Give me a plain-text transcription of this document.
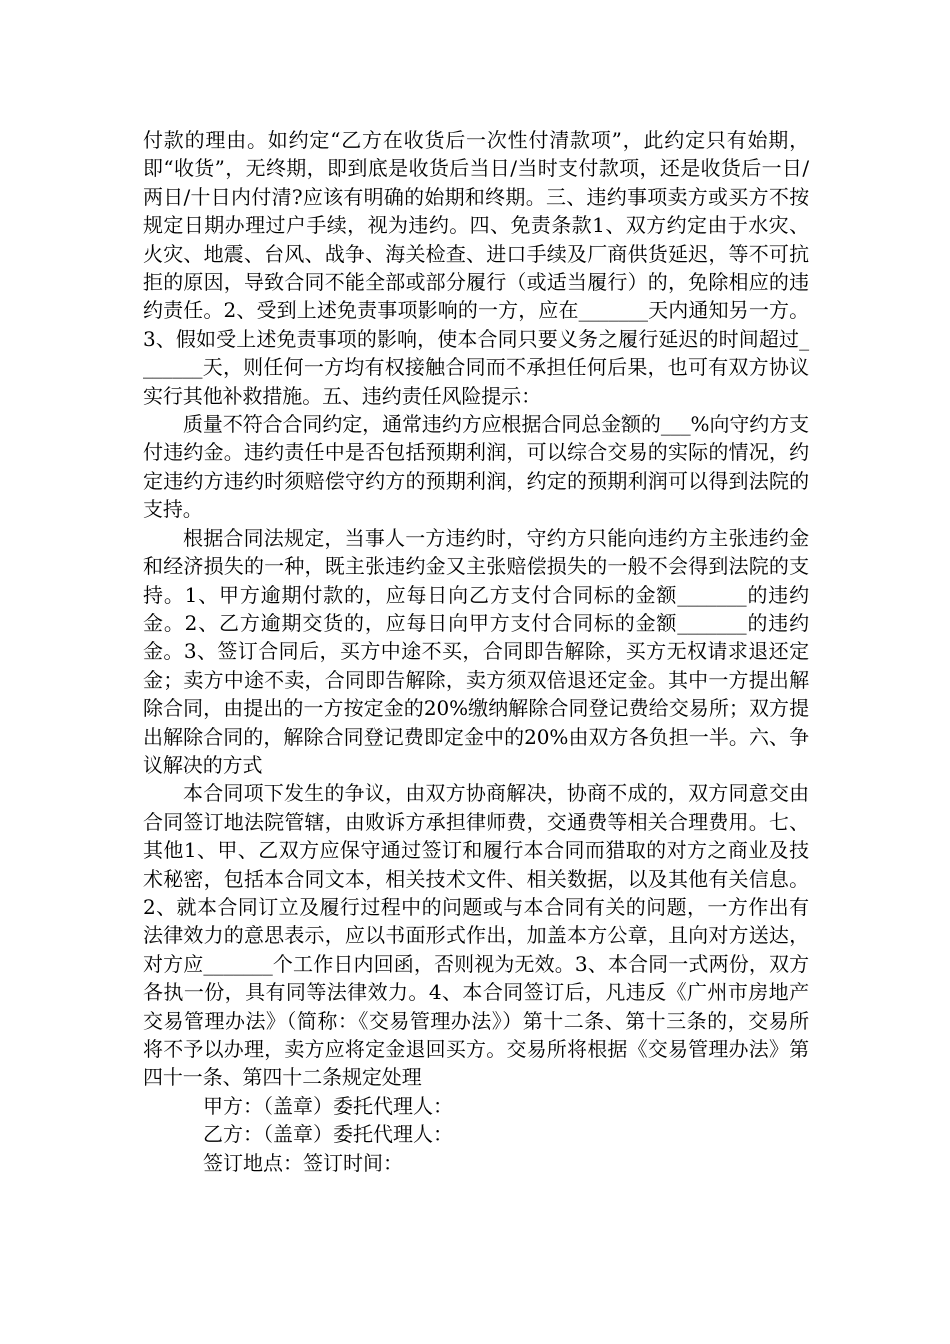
付款的理由。如约定“乙方在收货后一次性付清款项”，此约定只有始期，即“收货”，无终期，即到底是收货后当日/当时支付款项，还是收货后一日/两日/十日内付清?应该有明确的始期和终期。三、违约事项卖方或买方不按规定日期办理过户手续，视为违约。四、免责条款1、双方约定由于水灾、火灾、地震、台风、战争、海关检查、进口手续及厂商供货延迟，等不可抗拒的原因，导致合同不能全部或部分履行（或适当履行）的，免除相应的违约责任。2、受到上述免责事项影响的一方，应在_______天内通知另一方。3、假如受上述免责事项的影响，使本合同只要义务之履行延迟的时间超过_______天，则任何一方均有权接触合同而不承担任何后果，也可有双方协议实行其他补救措施。五、违约责任风险提示：

质量不符合合同约定，通常违约方应根据合同总金额的___%向守约方支付违约金。违约责任中是否包括预期利润，可以综合交易的实际的情况，约定违约方违约时须赔偿守约方的预期利润，约定的预期利润可以得到法院的支持。

根据合同法规定，当事人一方违约时，守约方只能向违约方主张违约金和经济损失的一种，既主张违约金又主张赔偿损失的一般不会得到法院的支持。1、甲方逾期付款的，应每日向乙方支付合同标的金额_______的违约金。2、乙方逾期交货的，应每日向甲方支付合同标的金额_______的违约金。3、签订合同后，买方中途不买，合同即告解除，买方无权请求退还定金；卖方中途不卖，合同即告解除，卖方须双倍退还定金。其中一方提出解除合同，由提出的一方按定金的20%缴纳解除合同登记费给交易所；双方提出解除合同的，解除合同登记费即定金中的20%由双方各负担一半。六、争议解决的方式

本合同项下发生的争议，由双方协商解决，协商不成的，双方同意交由合同签订地法院管辖，由败诉方承担律师费，交通费等相关合理费用。七、其他1、甲、乙双方应保守通过签订和履行本合同而猎取的对方之商业及技术秘密，包括本合同文本，相关技术文件、相关数据，以及其他有关信息。2、就本合同订立及履行过程中的问题或与本合同有关的问题，一方作出有法律效力的意思表示，应以书面形式作出，加盖本方公章，且向对方送达，对方应_______个工作日内回函，否则视为无效。3、本合同一式两份，双方各执一份，具有同等法律效力。4、本合同签订后，凡违反《广州市房地产交易管理办法》（简称：《交易管理办法》）第十二条、第十三条的，交易所将不予以办理，卖方应将定金退回买方。交易所将根据《交易管理办法》第四十一条、第四十二条规定处理

甲方：（盖章）委托代理人：

乙方：（盖章）委托代理人：

签订地点：签订时间：
